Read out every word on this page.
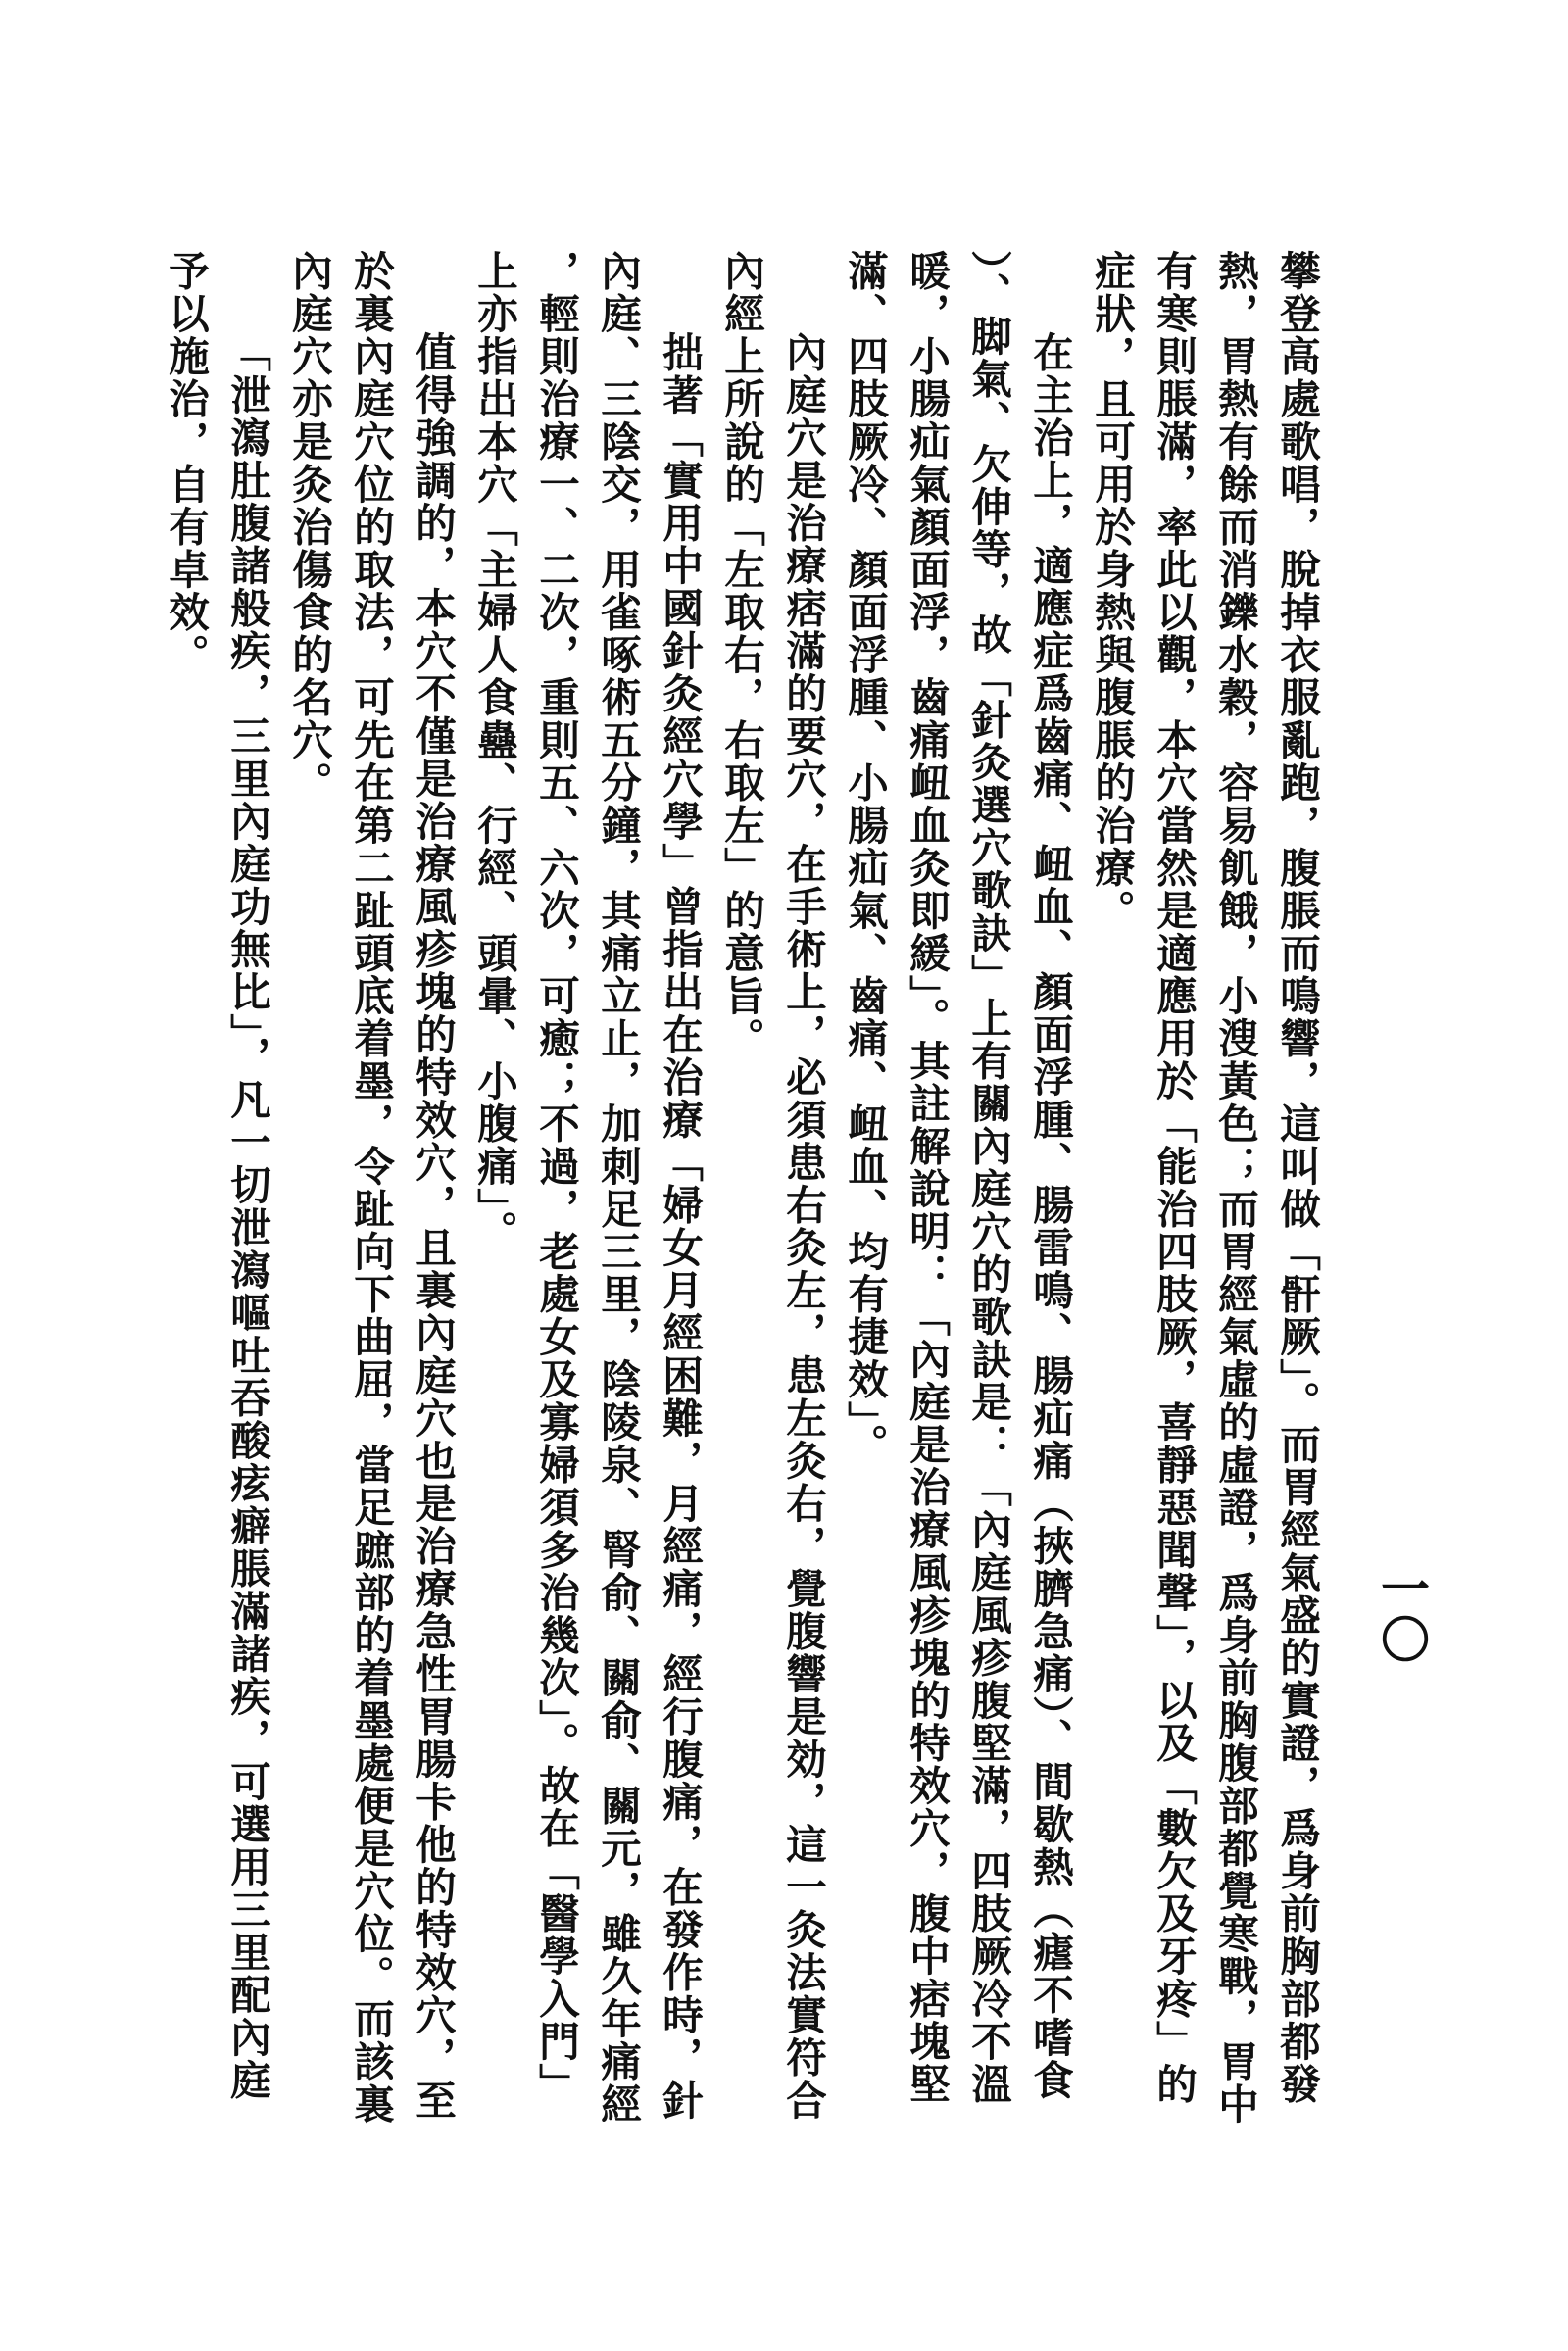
一〇
攀登高處歌唱，脫掉衣服亂跑，腹脹而鳴響，這叫做「骭厥」。而胃經氣盛的實證，爲身前胸部都發
熱，胃熱有餘而消鑠水穀，容易飢餓，小溲黃色；而胃經氣虛的虛證，爲身前胸腹部都覺寒戰，胃中
有寒則脹滿，率此以觀，本穴當然是適應用於「能治四肢厥，喜靜惡聞聲」，以及「數欠及牙疼」的
症狀，且可用於身熱與腹脹的治療。
在主治上，適應症爲齒痛、衄血、顏面浮腫、腸雷鳴、腸疝痛（挾臍急痛）、間歇熱（瘧不嗜食
）、脚氣、欠伸等，故「針灸選穴歌訣」上有關內庭穴的歌訣是：「內庭風疹腹堅滿，四肢厥冷不溫
暖，小腸疝氣顏面浮，齒痛衄血灸即緩」。其註解說明：「內庭是治療風疹塊的特效穴，腹中痞塊堅
滿、四肢厥冷、顏面浮腫、小腸疝氣、齒痛、衄血、均有捷效」。
內庭穴是治療痞滿的要穴，在手術上，必須患右灸左，患左灸右，覺腹響是効，這一灸法實符合
內經上所說的「左取右，右取左」的意旨。
拙著「實用中國針灸經穴學」曾指出在治療「婦女月經困難，月經痛，經行腹痛，在發作時，針
內庭、三陰交，用雀啄術五分鐘，其痛立止，加刺足三里，陰陵泉、腎俞、關俞、關元，雖久年痛經
，輕則治療一、二次，重則五、六次，可癒；不過，老處女及寡婦須多治幾次」。故在「醫學入門」
上亦指出本穴「主婦人食蠱、行經、頭暈、小腹痛」。
值得強調的，本穴不僅是治療風疹塊的特效穴，且裏內庭穴也是治療急性胃腸卡他的特效穴，至
於裏內庭穴位的取法，可先在第二趾頭底着墨，令趾向下曲屈，當足蹠部的着墨處便是穴位。而該裏
內庭穴亦是灸治傷食的名穴。
「泄瀉肚腹諸般疾，三里內庭功無比」，凡一切泄瀉嘔吐吞酸痃癖脹滿諸疾，可選用三里配內庭
予以施治，自有卓效。
